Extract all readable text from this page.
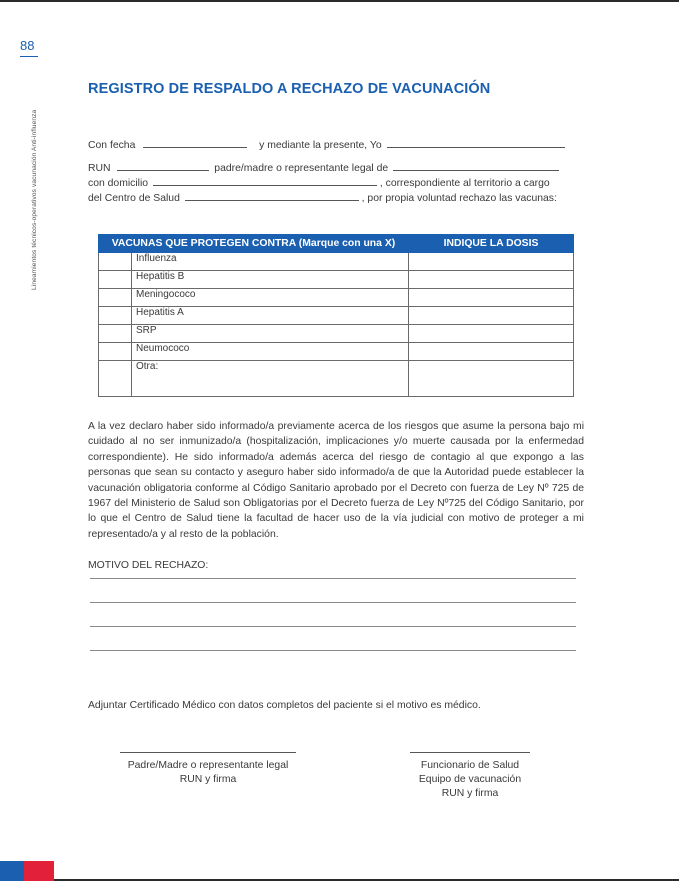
88
Lineamientos técnicos-operativos vacunación Anti-influenza
REGISTRO DE RESPALDO A RECHAZO DE VACUNACIÓN
Con fecha	y mediante la presente, Yo
RUN	padre/madre o representante legal de
con domicilio	, correspondiente al territorio a cargo
del Centro de Salud	, por propia voluntad rechazo las vacunas:
VACUNAS QUE PROTEGEN CONTRA (Marque con una X)		INDIQUE LA DOSIS
	Influenza	
	Hepatitis B	
	Meningococo	
	Hepatitis A	
	SRP	
	Neumococo	
	Otra:	

A la vez declaro haber sido informado/a previamente acerca de los riesgos que asume la persona bajo mi cuidado al no ser inmunizado/a (hospitalización, implicaciones y/o muerte causada por la enfermedad correspondiente). He sido informado/a además acerca del riesgo de contagio al que expongo a las personas que sean su contacto y aseguro haber sido informado/a de que la Autoridad puede establecer la vacunación obligatoria conforme al Código Sanitario aprobado por el Decreto con fuerza de Ley Nº 725 de 1967 del Ministerio de Salud son Obligatorias por el Decreto fuerza de Ley Nº725 del Código Sanitario, por lo que el Centro de Salud tiene la facultad de hacer uso de la vía judicial con motivo de proteger a mi representado/a y al resto de la población.

MOTIVO DEL RECHAZO:
Adjuntar Certificado Médico con datos completos del paciente si el motivo es médico.
Padre/Madre o representante legal
RUN y firma
Funcionario de Salud
Equipo de vacunación
RUN y firma
